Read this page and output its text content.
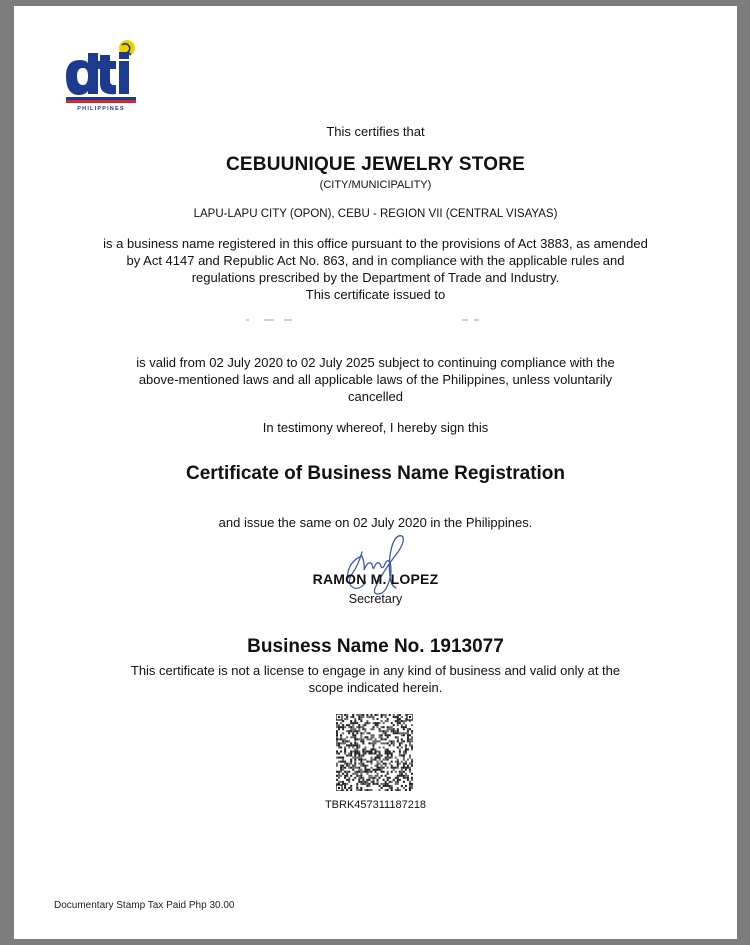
PHILIPPINES
This certifies that
CEBUUNIQUE JEWELRY STORE
(CITY/MUNICIPALITY)
LAPU-LAPU CITY (OPON), CEBU - REGION VII (CENTRAL VISAYAS)
is a business name registered in this office pursuant to the provisions of Act 3883, as amended
by Act 4147 and Republic Act No. 863, and in compliance with the applicable rules and
regulations prescribed by the Department of Trade and Industry.
This certificate issued to
is valid from 02 July 2020 to 02 July 2025 subject to continuing compliance with the
above-mentioned laws and all applicable laws of the Philippines, unless voluntarily
cancelled
In testimony whereof, I hereby sign this
Certificate of Business Name Registration
and issue the same on 02 July 2020 in the Philippines.
RAMON M. LOPEZ
Secretary
Business Name No. 1913077
This certificate is not a license to engage in any kind of business and valid only at the
scope indicated herein.
TBRK457311187218
Documentary Stamp Tax Paid Php 30.00
